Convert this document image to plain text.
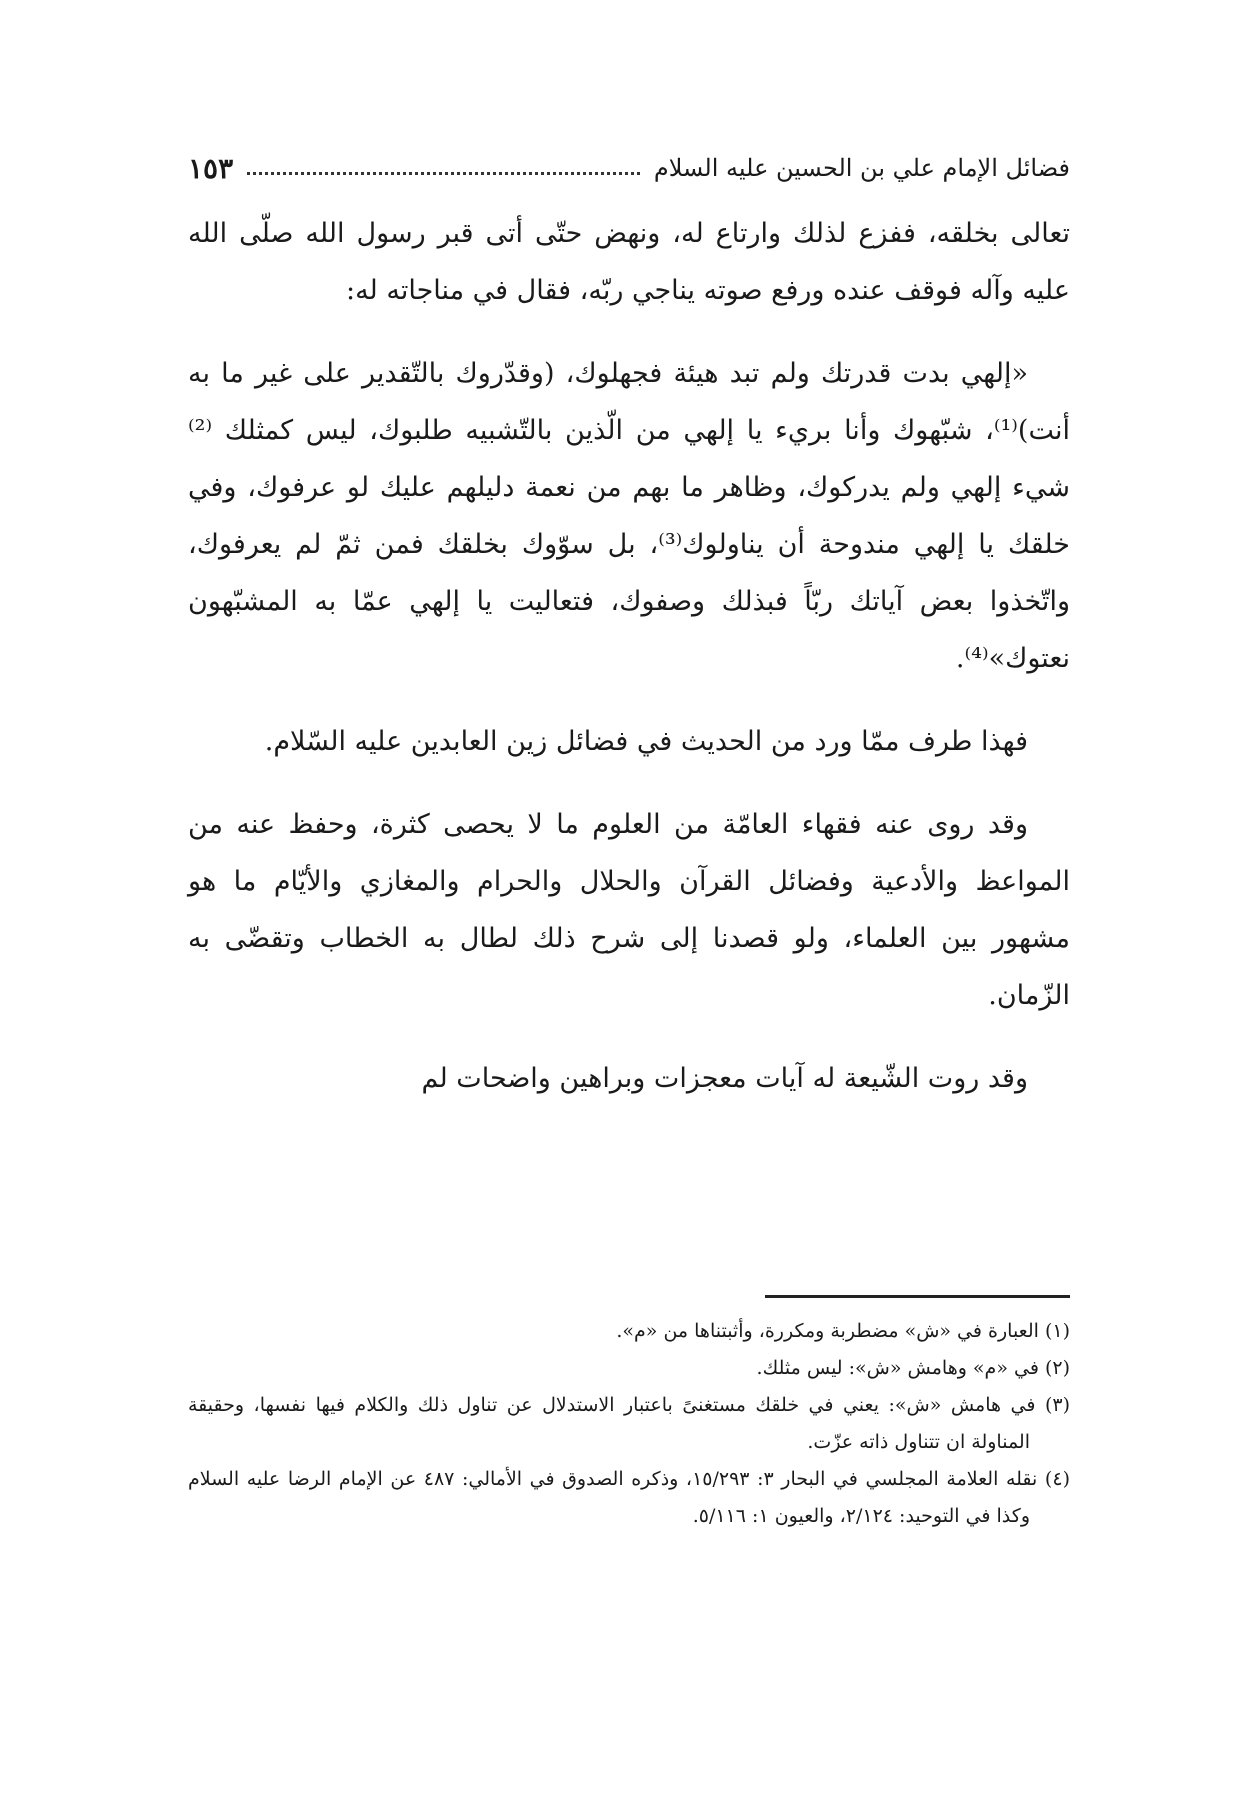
فضائل الإمام علي بن الحسين عليه السلام
١٥٣

تعالى بخلقه، ففزع لذلك وارتاع له، ونهض حتّى أتى قبر رسول الله صلّى الله عليه وآله فوقف عنده ورفع صوته يناجي ربّه، فقال في مناجاته له:

«إلهي بدت قدرتك ولم تبد هيئة فجهلوك، (وقدّروك بالتّقدير على غير ما به أنت)⁽¹⁾، شبّهوك وأنا بريء يا إلهي من الّذين بالتّشبيه طلبوك، ليس كمثلك ⁽²⁾شيء إلهي ولم يدركوك، وظاهر ما بهم من نعمة دليلهم عليك لو عرفوك، وفي خلقك يا إلهي مندوحة أن يناولوك⁽³⁾، بل سوّوك بخلقك فمن ثمّ لم يعرفوك، واتّخذوا بعض آياتك ربّاً فبذلك وصفوك، فتعاليت يا إلهي عمّا به المشبّهون نعتوك»⁽⁴⁾.

فهذا طرف ممّا ورد من الحديث في فضائل زين العابدين عليه السّلام.

وقد روى عنه فقهاء العامّة من العلوم ما لا يحصى كثرة، وحفظ عنه من المواعظ والأدعية وفضائل القرآن والحلال والحرام والمغازي والأيّام ما هو مشهور بين العلماء، ولو قصدنا إلى شرح ذلك لطال به الخطاب وتقضّى به الزّمان.

وقد روت الشّيعة له آيات معجزات وبراهين واضحات لم

(١) العبارة في «ش» مضطربة ومكررة، وأثبتناها من «م».

(٢) في «م» وهامش «ش»: ليس مثلك.

(٣) في هامش «ش»: يعني في خلقك مستغنىً باعتبار الاستدلال عن تناول ذلك والكلام فيها نفسها، وحقيقة المناولة ان تتناول ذاته عزّت.

(٤) نقله العلامة المجلسي في البحار ٣: ١٥/٢٩٣، وذكره الصدوق في الأمالي: ٤٨٧ عن الإمام الرضا عليه السلام وكذا في التوحيد: ٢/١٢٤، والعيون ١: ٥/١١٦.
